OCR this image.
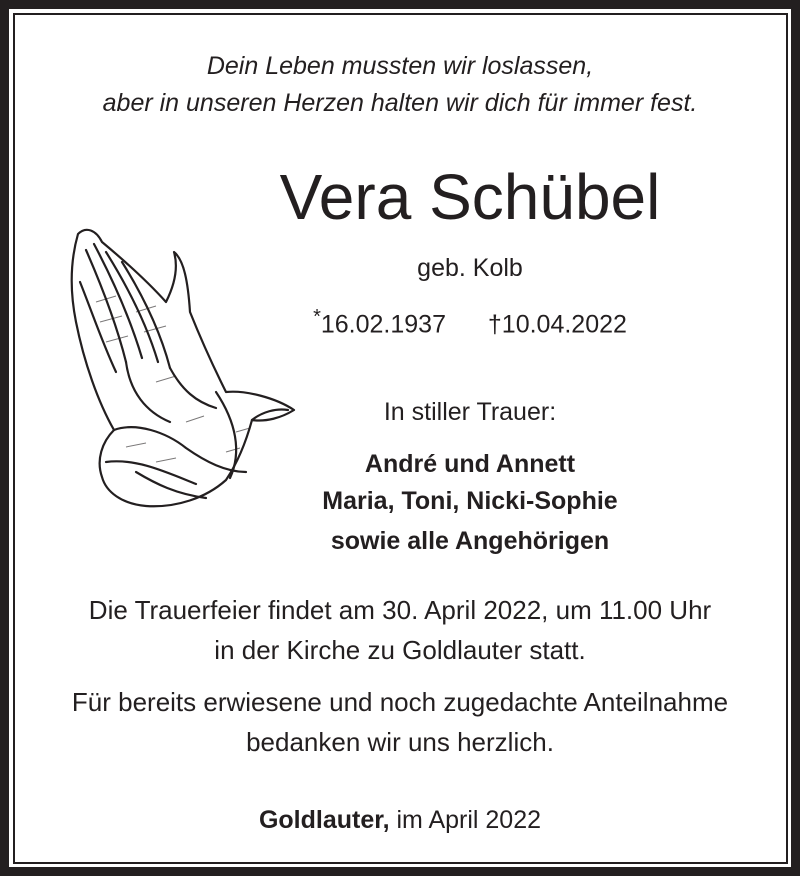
Dein Leben mussten wir loslassen,
aber in unseren Herzen halten wir dich für immer fest.
Vera Schübel
geb. Kolb
*16.02.1937 †10.04.2022
In stiller Trauer:
André und Annett
Maria, Toni, Nicki-Sophie
sowie alle Angehörigen
Die Trauerfeier findet am 30. April 2022, um 11.00 Uhr
in der Kirche zu Goldlauter statt.
Für bereits erwiesene und noch zugedachte Anteilnahme
bedanken wir uns herzlich.
Goldlauter, im April 2022
